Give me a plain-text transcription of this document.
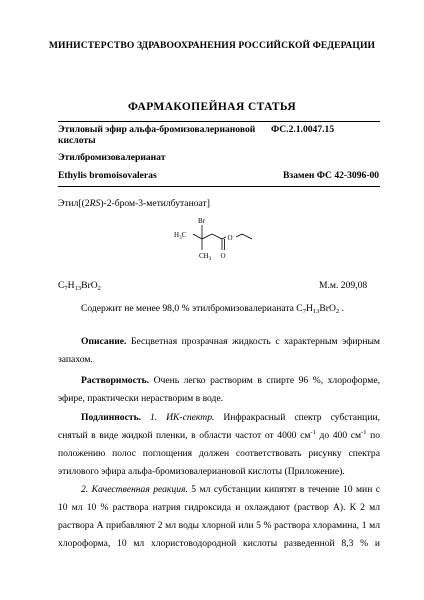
МИНИСТЕРСТВО ЗДРАВООХРАНЕНИЯ РОССИЙСКОЙ ФЕДЕРАЦИИ
ФАРМАКОПЕЙНАЯ СТАТЬЯ
Этиловый эфир альфа-бромизовалериановой
кислоты
ФС.2.1.0047.15
Этилбромизовалерианат
Ethylis bromoisovaleras	Взамен ФС 42-3096-00
Этил[(2RS)-2-бром-3-метилбутаноат]
Br
$H_3C$
$CH_3$
O
O
$C_7H_{13}BrO_2$	М.м. 209,08
Содержит не менее 98,0 % этилбромизовалерианата $C_7H_{13}BrO_2$ .
Описание. Бесцветная прозрачная жидкость с характерным эфирным
запахом.
Растворимость. Очень легко растворим в спирте 96 %, хлороформе,
эфире, практически нерастворим в воде.
Подлинность. 1. ИК-спектр. Инфракрасный спектр субстанции,
снятый в виде жидкой пленки, в области частот от 4000 $см^{-1}$ до 400 $см^{-1}$ по
положению полос поглощения должен соответствовать рисунку спектра
этилового эфира альфа-бромизовалериановой кислоты (Приложение).
2. Качественная реакция. 5 мл субстанции кипятят в течение 10 мин с
10 мл 10 % раствора натрия гидроксида и охлаждают (раствор А). К 2 мл
раствора А прибавляют 2 мл воды хлорной или 5 % раствора хлорамина, 1 мл
хлороформа, 10 мл хлористоводородной кислоты разведенной 8,3 % и
